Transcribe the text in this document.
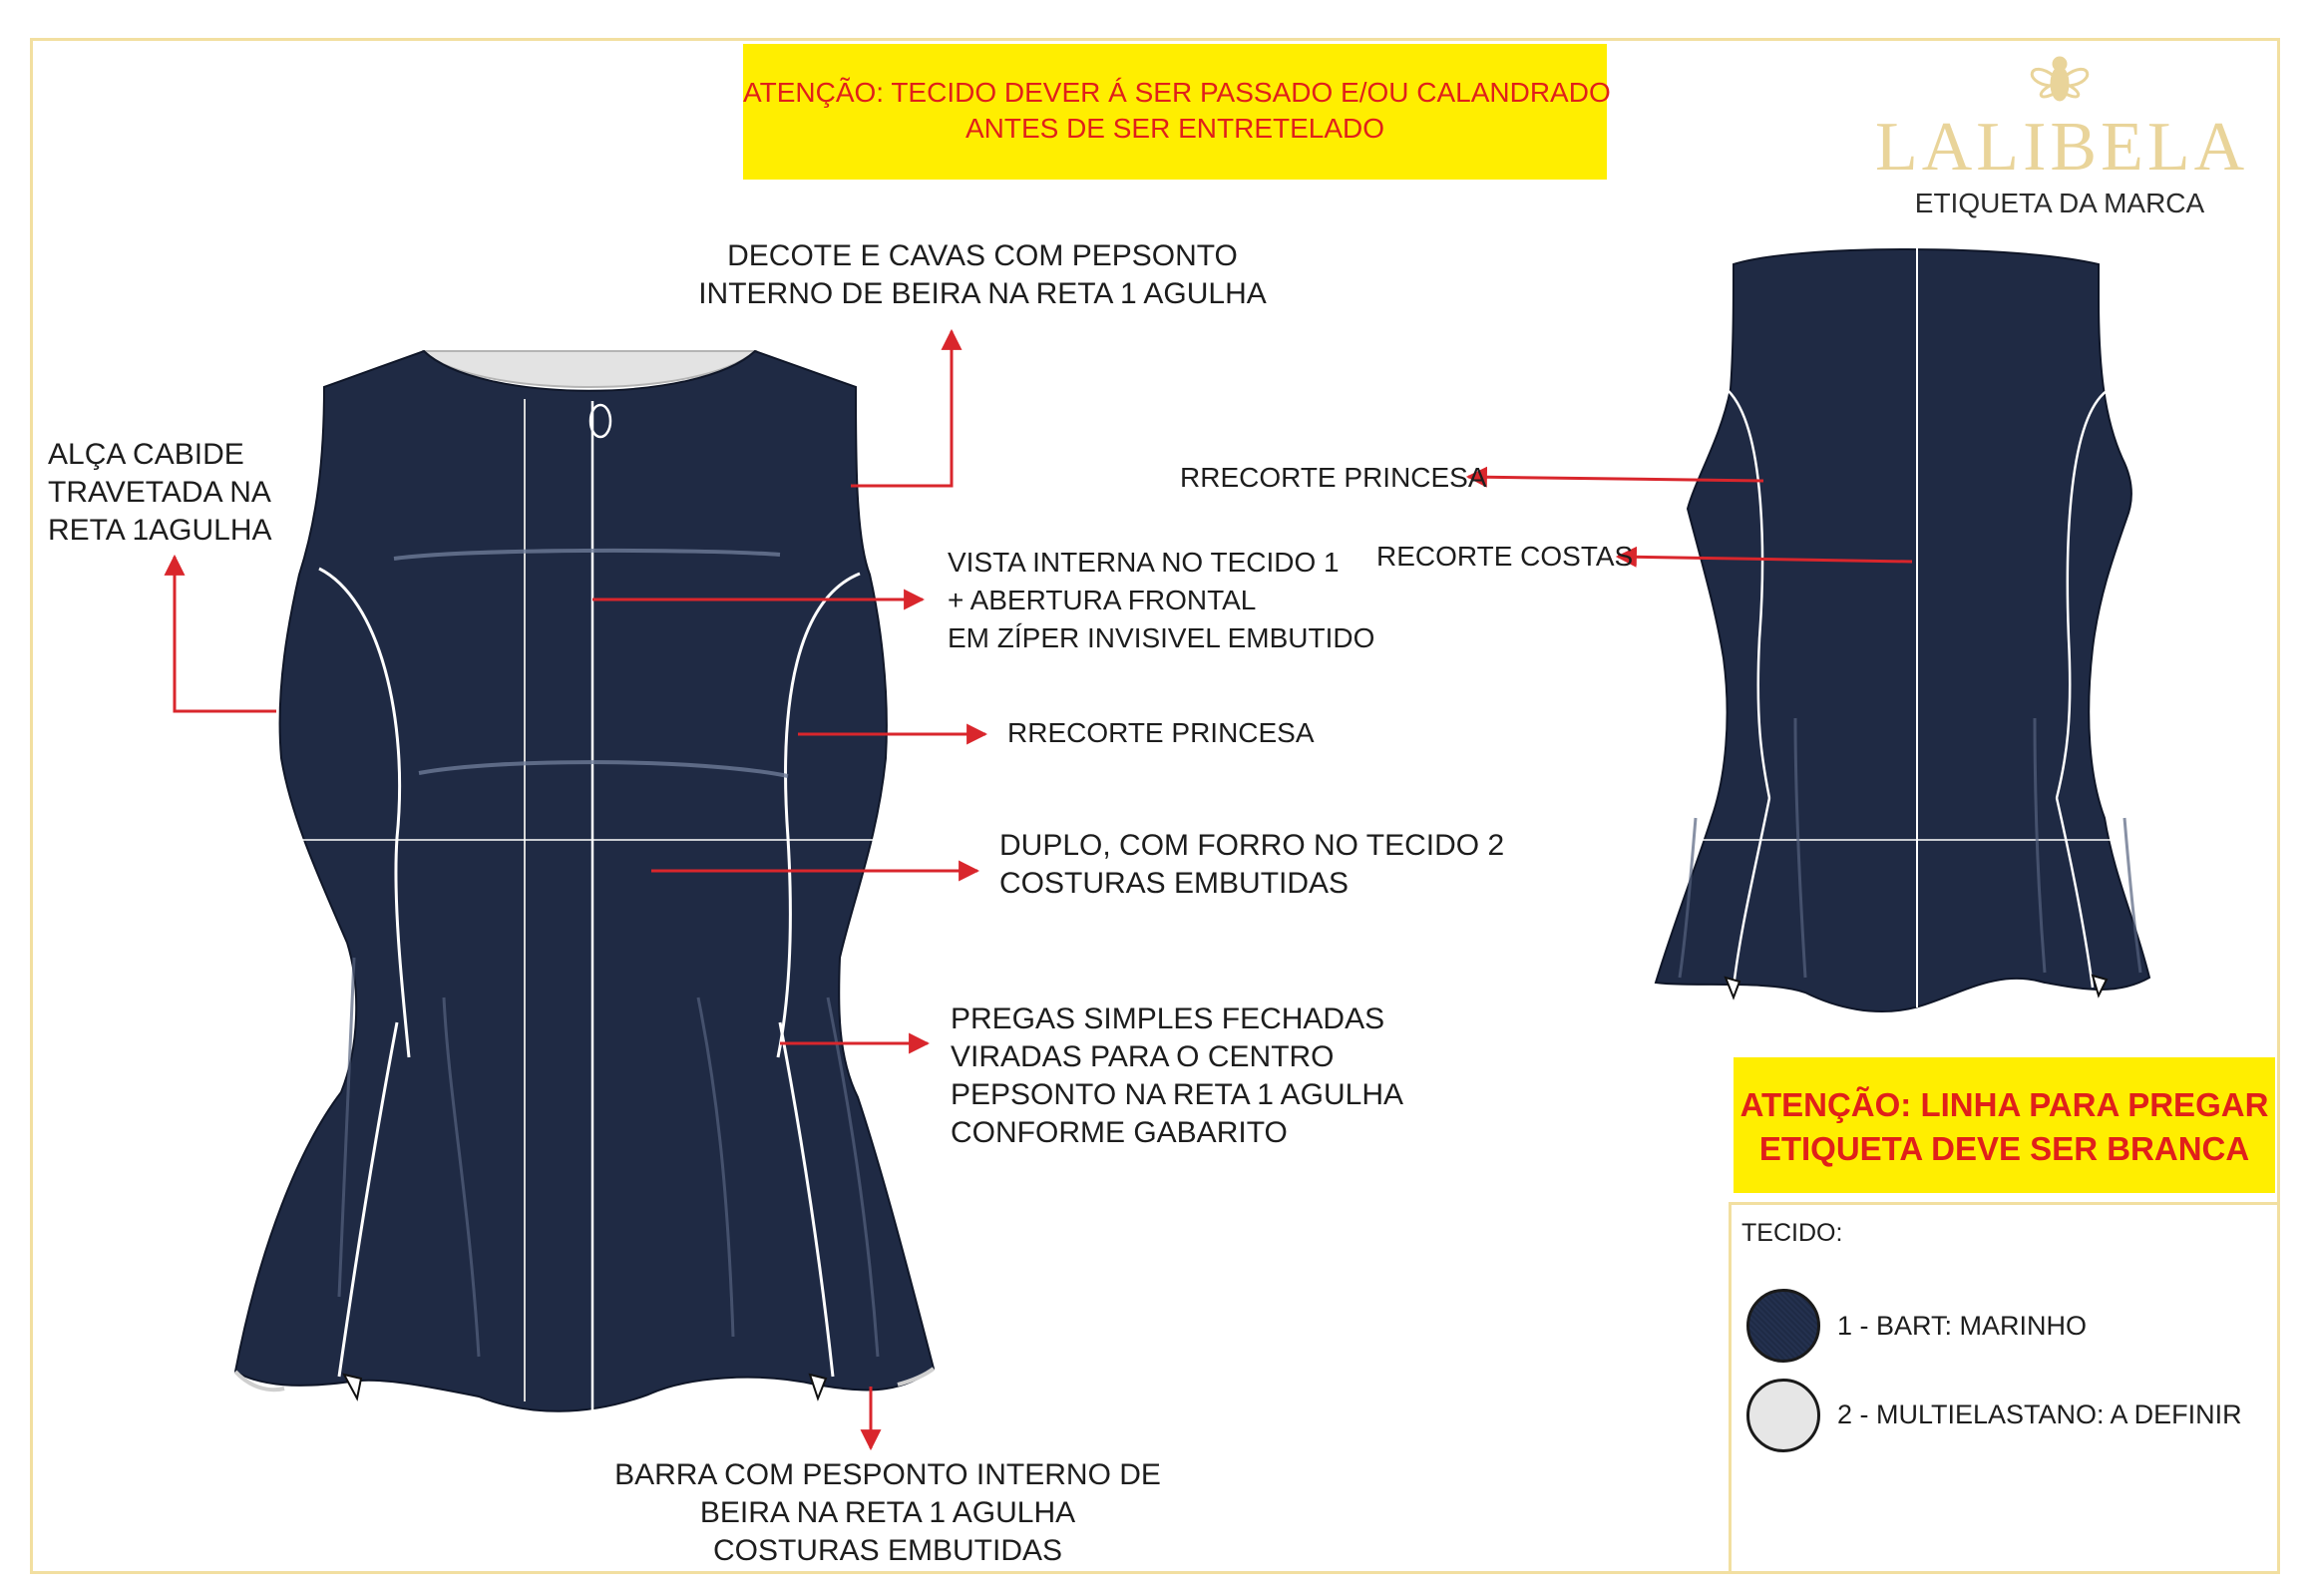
ATENÇÃO: TECIDO DEVER Á SER PASSADO E/OU CALANDRADO
ANTES DE SER ENTRETELADO	LALIBELA
ETIQUETA DA MARCA
DECOTE E CAVAS COM PEPSONTO
INTERNO DE BEIRA NA RETA 1 AGULHA
ALÇA CABIDE
TRAVETADA NA
RETA 1AGULHA
VISTA INTERNA NO TECIDO 1
+ ABERTURA FRONTAL
EM ZÍPER INVISIVEL EMBUTIDO
RRECORTE PRINCESA
DUPLO, COM FORRO NO TECIDO 2
COSTURAS EMBUTIDAS
PREGAS SIMPLES FECHADAS
VIRADAS PARA O CENTRO
PEPSONTO NA RETA 1 AGULHA
CONFORME GABARITO
BARRA COM PESPONTO INTERNO DE
BEIRA NA RETA 1 AGULHA
COSTURAS EMBUTIDAS
RRECORTE PRINCESA
RECORTE COSTAS
ATENÇÃO: LINHA PARA PREGAR
ETIQUETA DEVE SER BRANCA
TECIDO:
1 - BART: MARINHO
2 - MULTIELASTANO: A DEFINIR
